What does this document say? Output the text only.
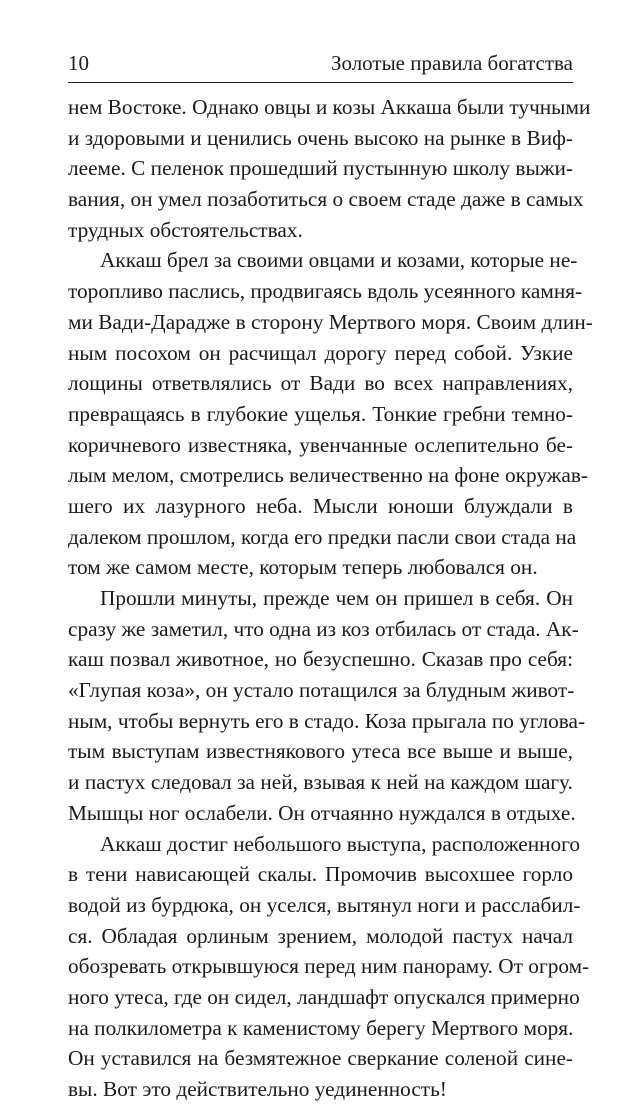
10	Золотые правила богатства
нем Востоке. Однако овцы и козы Аккаша были тучными
и здоровыми и ценились очень высоко на рынке в Виф-
лееме. С пеленок прошедший пустынную школу выжи-
вания, он умел позаботиться о своем стаде даже в самых
трудных обстоятельствах.
Аккаш брел за своими овцами и козами, которые не-
торопливо паслись, продвигаясь вдоль усеянного камня-
ми Вади-Дараджe в сторону Мертвого моря. Своим длин-
ным посохом он расчищал дорогу перед собой. Узкие
лощины ответвлялись от Вади во всех направлениях,
превращаясь в глубокие ущелья. Тонкие гребни темно-
коричневого известняка, увенчанные ослепительно бе-
лым мелом, смотрелись величественно на фоне окружав-
шего их лазурного неба. Мысли юноши блуждали в
далеком прошлом, когда его предки пасли свои стада на
том же самом месте, которым теперь любовался он.
Прошли минуты, прежде чем он пришел в себя. Он
сразу же заметил, что одна из коз отбилась от стада. Ак-
каш позвал животное, но безуспешно. Сказав про себя:
«Глупая коза», он устало потащился за блудным живот-
ным, чтобы вернуть его в стадо. Коза прыгала по углова-
тым выступам известнякового утеса все выше и выше,
и пастух следовал за ней, взывая к ней на каждом шагу.
Мышцы ног ослабели. Он отчаянно нуждался в отдыхе.
Аккаш достиг небольшого выступа, расположенного
в тени нависающей скалы. Промочив высохшее горло
водой из бурдюка, он уселся, вытянул ноги и расслабил-
ся. Обладая орлиным зрением, молодой пастух начал
обозревать открывшуюся перед ним панораму. От огром-
ного утеса, где он сидел, ландшафт опускался примерно
на полкилометра к каменистому берегу Мертвого моря.
Он уставился на безмятежное сверкание соленой сине-
вы. Вот это действительно уединенность!
